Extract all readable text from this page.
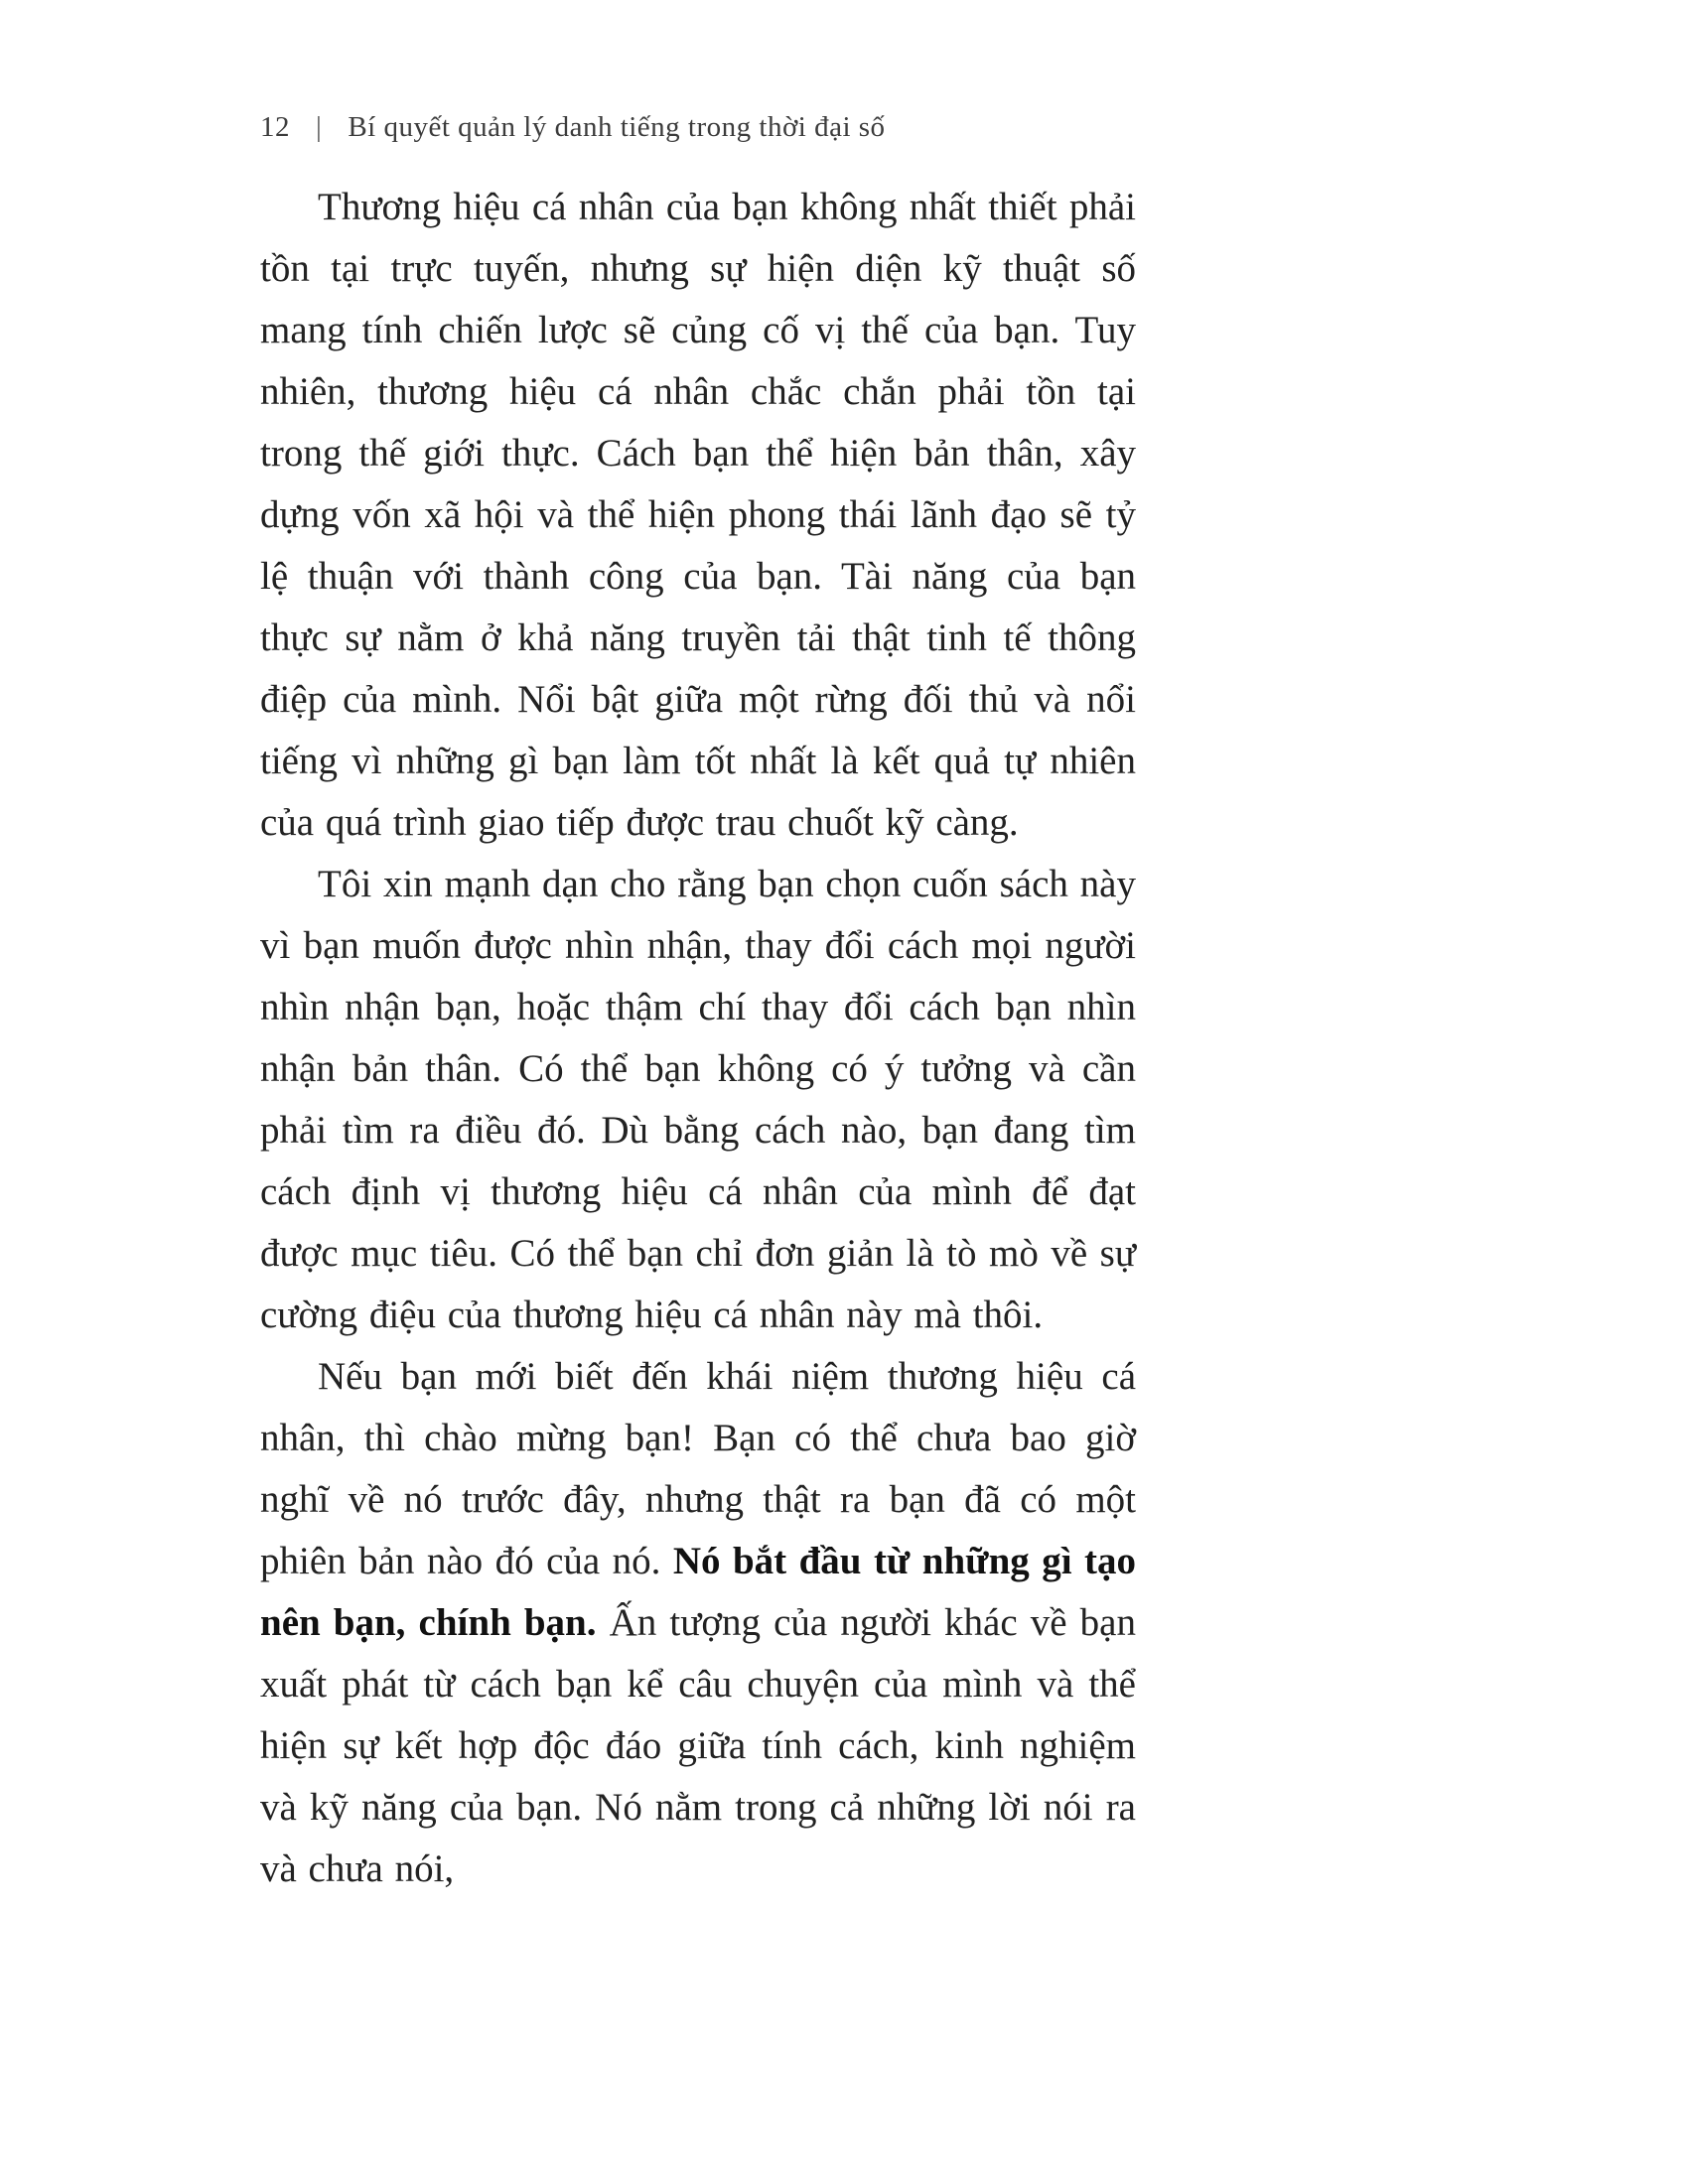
12 | Bí quyết quản lý danh tiếng trong thời đại số

Thương hiệu cá nhân của bạn không nhất thiết phải tồn tại trực tuyến, nhưng sự hiện diện kỹ thuật số mang tính chiến lược sẽ củng cố vị thế của bạn. Tuy nhiên, thương hiệu cá nhân chắc chắn phải tồn tại trong thế giới thực. Cách bạn thể hiện bản thân, xây dựng vốn xã hội và thể hiện phong thái lãnh đạo sẽ tỷ lệ thuận với thành công của bạn. Tài năng của bạn thực sự nằm ở khả năng truyền tải thật tinh tế thông điệp của mình. Nổi bật giữa một rừng đối thủ và nổi tiếng vì những gì bạn làm tốt nhất là kết quả tự nhiên của quá trình giao tiếp được trau chuốt kỹ càng.

Tôi xin mạnh dạn cho rằng bạn chọn cuốn sách này vì bạn muốn được nhìn nhận, thay đổi cách mọi người nhìn nhận bạn, hoặc thậm chí thay đổi cách bạn nhìn nhận bản thân. Có thể bạn không có ý tưởng và cần phải tìm ra điều đó. Dù bằng cách nào, bạn đang tìm cách định vị thương hiệu cá nhân của mình để đạt được mục tiêu. Có thể bạn chỉ đơn giản là tò mò về sự cường điệu của thương hiệu cá nhân này mà thôi.

Nếu bạn mới biết đến khái niệm thương hiệu cá nhân, thì chào mừng bạn! Bạn có thể chưa bao giờ nghĩ về nó trước đây, nhưng thật ra bạn đã có một phiên bản nào đó của nó. Nó bắt đầu từ những gì tạo nên bạn, chính bạn. Ấn tượng của người khác về bạn xuất phát từ cách bạn kể câu chuyện của mình và thể hiện sự kết hợp độc đáo giữa tính cách, kinh nghiệm và kỹ năng của bạn. Nó nằm trong cả những lời nói ra và chưa nói,
